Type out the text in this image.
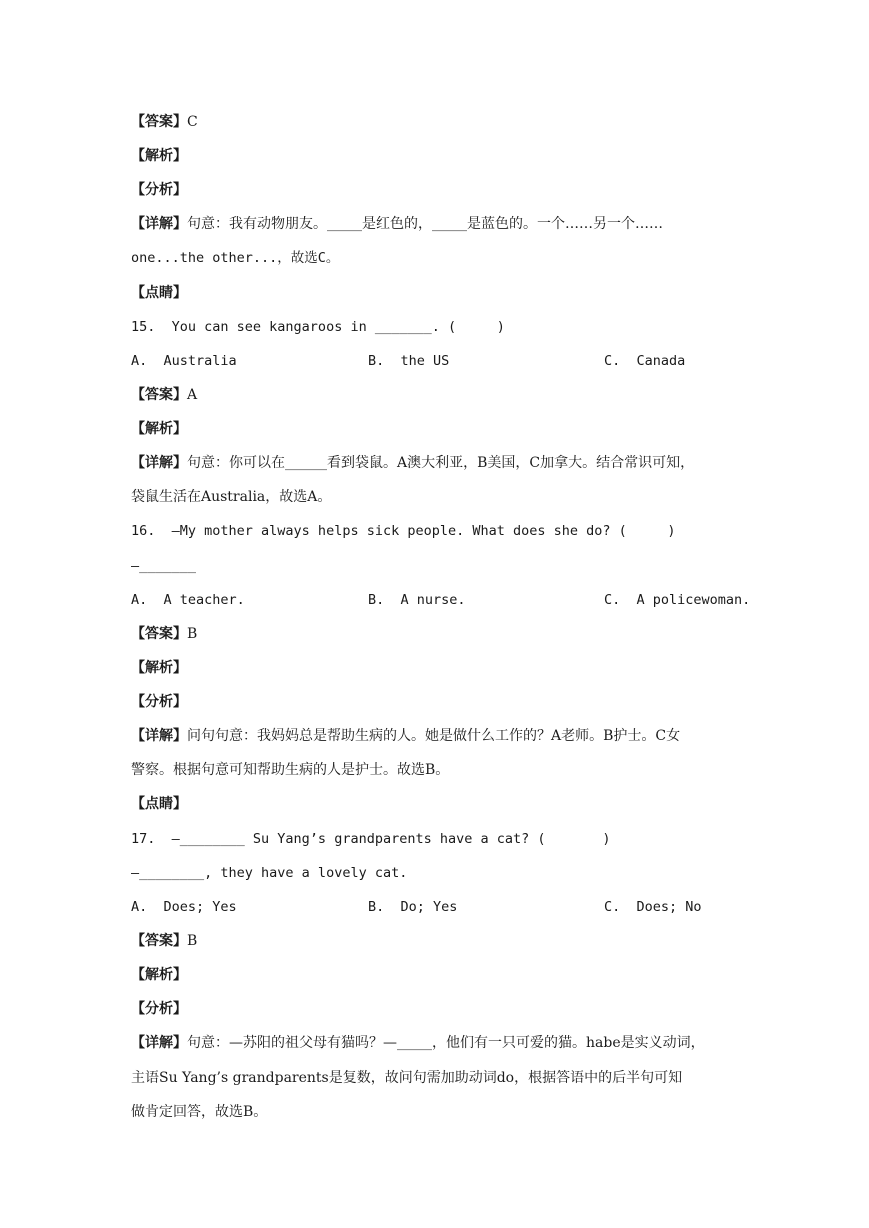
【答案】C
【解析】
【分析】
【详解】句意：我有动物朋友。_____是红色的，_____是蓝色的。一个……另一个……
one...the other...，故选C。
【点睛】
15.  You can see kangaroos in _______. (     )
A.  Australia	B.  the US	C.  Canada
【答案】A
【解析】
【详解】句意：你可以在______看到袋鼠。A澳大利亚，B美国，C加拿大。结合常识可知，
袋鼠生活在Australia，故选A。
16.  —My mother always helps sick people. What does she do? (     )
—_______
A.  A teacher.	B.  A nurse.	C.  A policewoman.
【答案】B
【解析】
【分析】
【详解】问句句意：我妈妈总是帮助生病的人。她是做什么工作的？A老师。B护士。C女
警察。根据句意可知帮助生病的人是护士。故选B。
【点睛】
17.  —________ Su Yang’s grandparents have a cat? (       )
—________, they have a lovely cat.
A.  Does; Yes	B.  Do; Yes	C.  Does; No
【答案】B
【解析】
【分析】
【详解】句意：—苏阳的祖父母有猫吗？—_____，他们有一只可爱的猫。habe是实义动词，
主语Su Yang’s grandparents是复数，故问句需加助动词do，根据答语中的后半句可知
做肯定回答，故选B。
